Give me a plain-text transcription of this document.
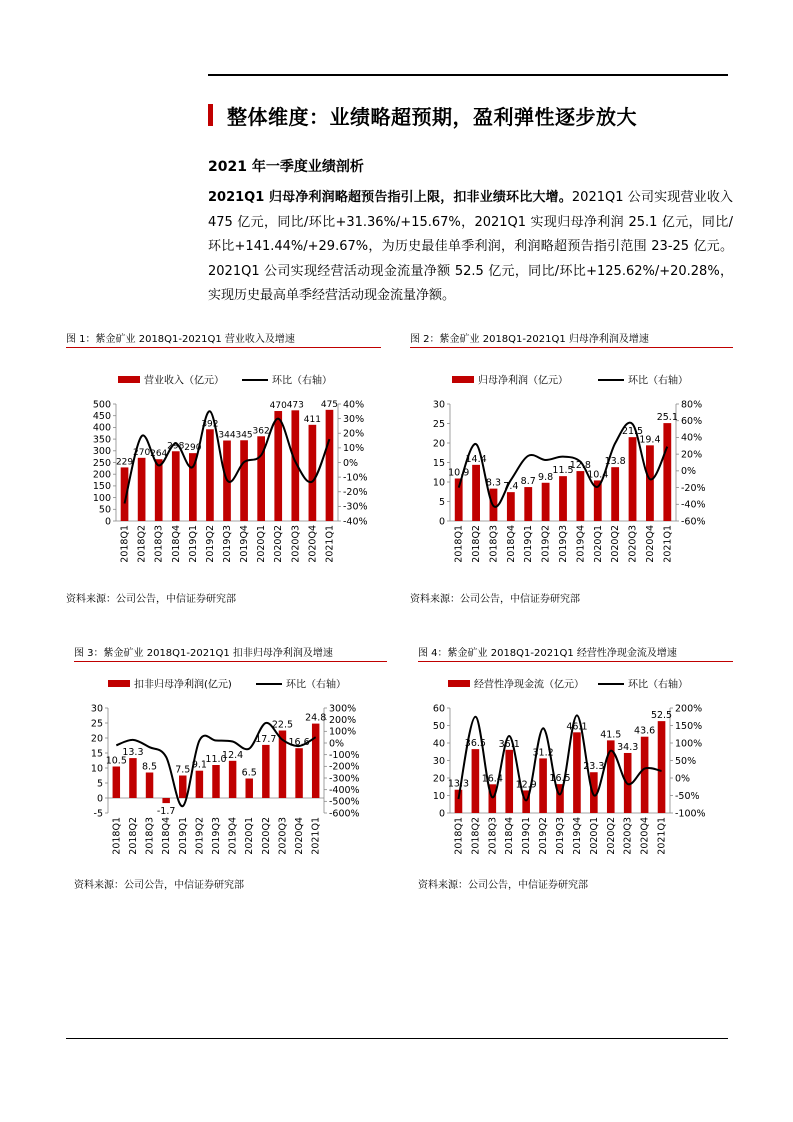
整体维度：业绩略超预期，盈利弹性逐步放大
2021 年一季度业绩剖析
2021Q1 归母净利润略超预告指引上限，扣非业绩环比大增。2021Q1 公司实现营业收入 475 亿元，同比/环比+31.36%/+15.67%，2021Q1 实现归母净利润 25.1 亿元，同比/环比+141.44%/+29.67%，为历史最佳单季利润，利润略超预告指引范围 23-25 亿元。2021Q1 公司实现经营活动现金流量净额 52.5 亿元，同比/环比+125.62%/+20.28%，实现历史最高单季经营活动现金流量净额。
图 1：紫金矿业 2018Q1-2021Q1 营业收入及增速
营业收入（亿元）	环比（右轴）
0
50
100
150
200
250
300
350
400
450
500
-40%
-30%
-20%
-10%
0%
10%
20%
30%
40%
229
270 264
298 290
392
344 345 362
470 473
411
475
2018Q1 2018Q2 2018Q3 2018Q4 2019Q1 2019Q2 2019Q3 2019Q4 2020Q1 2020Q2 2020Q3 2020Q4 2021Q1
资料来源：公司公告，中信证券研究部
图 2：紫金矿业 2018Q1-2021Q1 归母净利润及增速
归母净利润（亿元）	环比（右轴）
0
5
10
15
20
25
30
-60%
-40%
-20%
0%
20%
40%
60%
80%
10.9
14.4
8.3 7.4 8.7 9.8
11.5
12.8
10.4
13.8
21.5
19.4
25.1
2018Q1 2018Q2 2018Q3 2018Q4 2019Q1 2019Q2 2019Q3 2019Q4 2020Q1 2020Q2 2020Q3 2020Q4 2021Q1
资料来源：公司公告，中信证券研究部
图 3：紫金矿业 2018Q1-2021Q1 扣非归母净利润及增速
扣非归母净利润(亿元)	环比（右轴）
-5
0
5
10
15
20
25
30
-600%
-500%
-400%
-300%
-200%
-100%
0%
100%
200%
300%
10.5
13.3
8.5
-1.7
7.5 9.1
11.0
12.4
6.5
17.7
22.5
16.6
24.8
2018Q1 2018Q2 2018Q3 2018Q4 2019Q1 2019Q2 2019Q3 2019Q4 2020Q1 2020Q2 2020Q3 2020Q4 2021Q1
资料来源：公司公告，中信证券研究部
图 4：紫金矿业 2018Q1-2021Q1 经营性净现金流及增速
经营性净现金流（亿元）	环比（右轴）
0
10
20
30
40
50
60
-100%
-50%
0%
50%
100%
150%
200%
13.3
36.5
16.4
36.1
12.9
31.2
16.5
46.1
23.3
41.5
34.3
43.6
52.5
2018Q1 2018Q2 2018Q3 2018Q4 2019Q1 2019Q2 2019Q3 2019Q4 2020Q1 2020Q2 2020Q3 2020Q4 2021Q1
资料来源：公司公告，中信证券研究部
